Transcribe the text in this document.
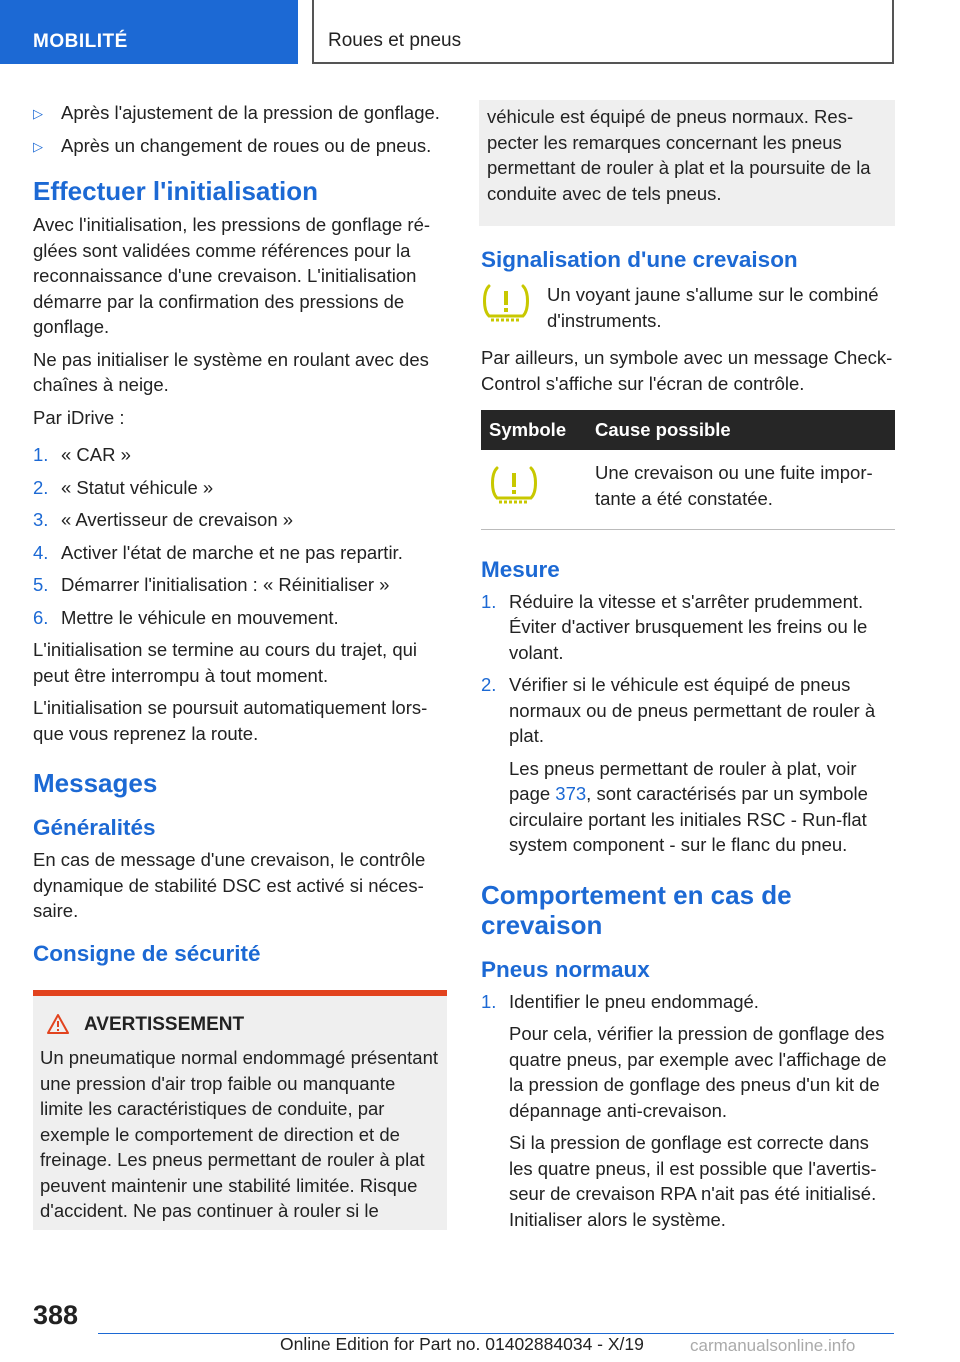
MOBILITÉ	Roues et pneus
▷ Après l'ajustement de la pression de gonflage.
▷ Après un changement de roues ou de pneus.
Effectuer l'initialisation

Avec l'initialisation, les pressions de gonflage réglées sont validées comme références pour la reconnaissance d'une crevaison. L'initialisation démarre par la confirmation des pressions de gonflage.

Ne pas initialiser le système en roulant avec des chaînes à neige.

Par iDrive :

1. « CAR »
2. « Statut véhicule »
3. « Avertisseur de crevaison »
4. Activer l'état de marche et ne pas repartir.
5. Démarrer l'initialisation : « Réinitialiser »
6. Mettre le véhicule en mouvement.

L'initialisation se termine au cours du trajet, qui peut être interrompu à tout moment.

L'initialisation se poursuit automatiquement lorsque vous reprenez la route.

Messages
Généralités

En cas de message d'une crevaison, le contrôle dynamique de stabilité DSC est activé si nécessaire.

Consigne de sécurité
AVERTISSEMENT
Un pneumatique normal endommagé présentant une pression d'air trop faible ou manquante limite les caractéristiques de conduite, par exemple le comportement de direction et de freinage. Les pneus permettant de rouler à plat peuvent maintenir une stabilité limitée. Risque d'accident. Ne pas continuer à rouler si le
véhicule est équipé de pneus normaux. Respecter les remarques concernant les pneus permettant de rouler à plat et la poursuite de la conduite avec de tels pneus.
Signalisation d'une crevaison
Un voyant jaune s'allume sur le combiné d'instruments.

Par ailleurs, un symbole avec un message Check-Control s'affiche sur l'écran de contrôle.

Symbole	Cause possible
	Une crevaison ou une fuite importante a été constatée.
Mesure
1. Réduire la vitesse et s'arrêter prudemment. Éviter d'activer brusquement les freins ou le volant.
2. Vérifier si le véhicule est équipé de pneus normaux ou de pneus permettant de rouler à plat.
Les pneus permettant de rouler à plat, voir page 373, sont caractérisés par un symbole circulaire portant les initiales RSC - Run-flat system component - sur le flanc du pneu.
Comportement en cas de crevaison
Pneus normaux
1. Identifier le pneu endommagé.
Pour cela, vérifier la pression de gonflage des quatre pneus, par exemple avec l'affichage de la pression de gonflage des pneus d'un kit de dépannage anti-crevaison.
Si la pression de gonflage est correcte dans les quatre pneus, il est possible que l'avertisseur de crevaison RPA n'ait pas été initialisé. Initialiser alors le système.
388
Online Edition for Part no. 01402884034 - X/19	carmanualsonline.info
